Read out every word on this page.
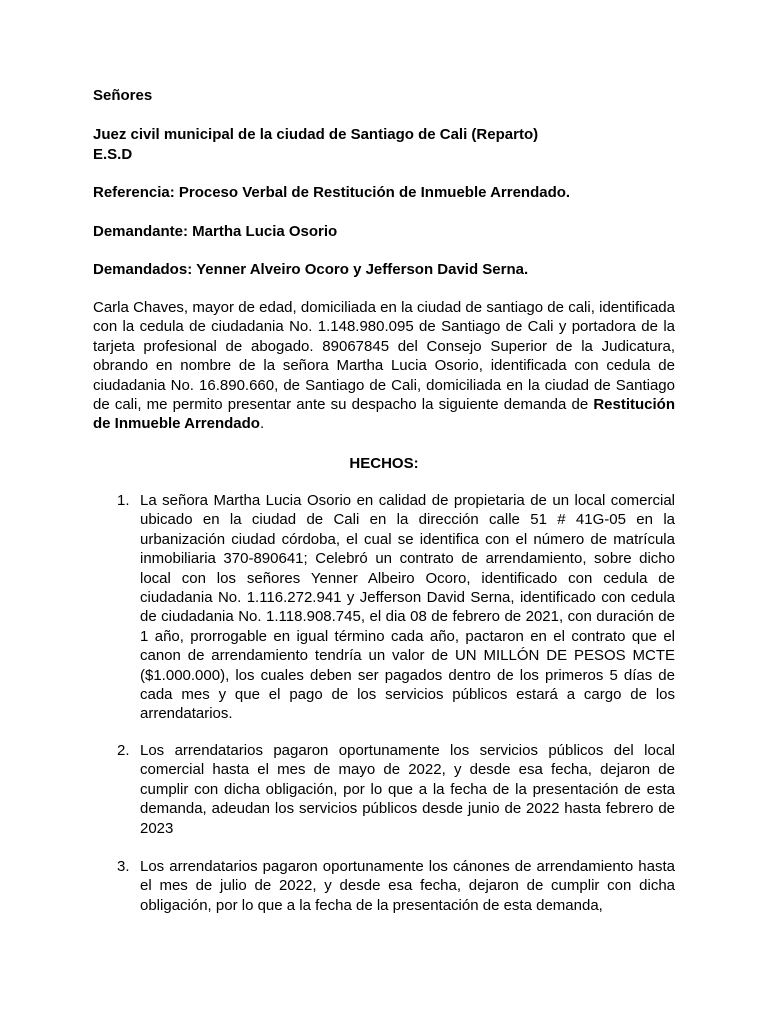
Señores

Juez civil municipal de la ciudad de Santiago de Cali (Reparto)

E.S.D

Referencia: Proceso Verbal de Restitución de Inmueble Arrendado.

Demandante: Martha Lucia Osorio

Demandados: Yenner Alveiro Ocoro y Jefferson David Serna.

Carla Chaves, mayor de edad, domiciliada en la ciudad de santiago de cali, identificada con la cedula de ciudadania No. 1.148.980.095 de Santiago de Cali y portadora de la tarjeta profesional de abogado. 89067845 del Consejo Superior de la Judicatura, obrando en nombre de la señora Martha Lucia Osorio, identificada con cedula de ciudadania No. 16.890.660, de Santiago de Cali, domiciliada en la ciudad de Santiago de cali, me permito presentar ante su despacho la siguiente demanda de Restitución de Inmueble Arrendado.

HECHOS:

1. La señora Martha Lucia Osorio en calidad de propietaria de un local comercial ubicado en la ciudad de Cali en la dirección calle 51 # 41G-05 en la urbanización ciudad córdoba, el cual se identifica con el número de matrícula inmobiliaria 370-890641; Celebró un contrato de arrendamiento, sobre dicho local con los señores Yenner Albeiro Ocoro, identificado con cedula de ciudadania No. 1.116.272.941 y Jefferson David Serna, identificado con cedula de ciudadania No. 1.118.908.745, el dia 08 de febrero de 2021, con duración de 1 año, prorrogable en igual término cada año, pactaron en el contrato que el canon de arrendamiento tendría un valor de UN MILLÓN DE PESOS MCTE ($1.000.000), los cuales deben ser pagados dentro de los primeros 5 días de cada mes y que el pago de los servicios públicos estará a cargo de los arrendatarios.
2. Los arrendatarios pagaron oportunamente los servicios públicos del local comercial hasta el mes de mayo de 2022, y desde esa fecha, dejaron de cumplir con dicha obligación, por lo que a la fecha de la presentación de esta demanda, adeudan los servicios públicos desde junio de 2022 hasta febrero de 2023
3. Los arrendatarios pagaron oportunamente los cánones de arrendamiento hasta el mes de julio de 2022, y desde esa fecha, dejaron de cumplir con dicha obligación, por lo que a la fecha de la presentación de esta demanda,
